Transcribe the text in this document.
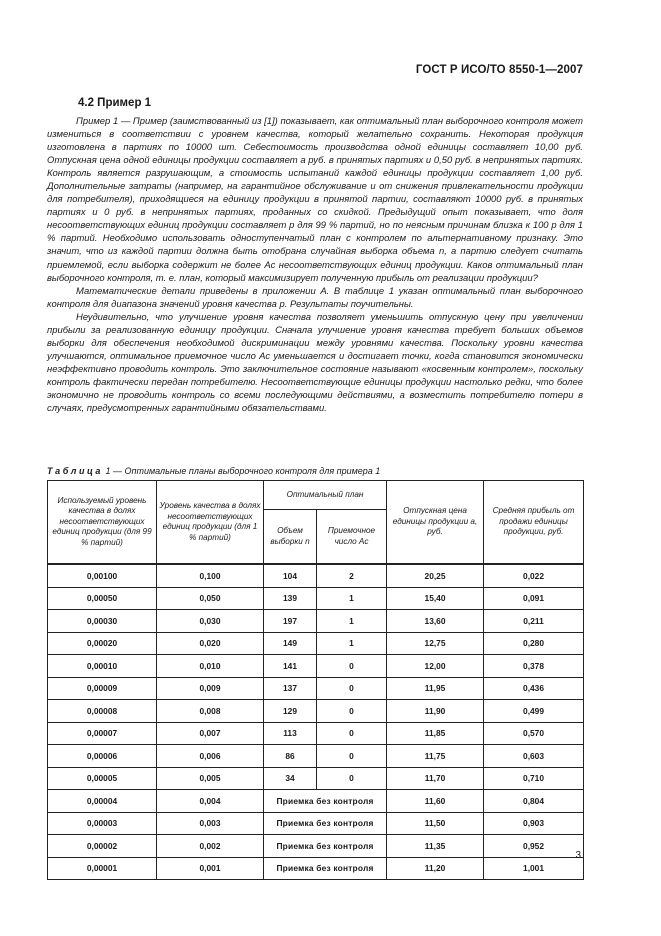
ГОСТ Р ИСО/ТО 8550-1—2007
4.2 Пример 1

Пример 1 — Пример (заимствованный из [1]) показывает, как оптимальный план выборочного контроля может измениться в соответствии с уровнем качества, который желательно сохранить. Некоторая продукция изготовлена в партиях по 10000 шт. Себестоимость производства одной единицы составляет 10,00 руб. Отпускная цена одной единицы продукции составляет a руб. в принятых партиях и 0,50 руб. в непринятых партиях. Контроль является разрушающим, а стоимость испытаний каждой единицы продукции составляет 1,00 руб. Дополнительные затраты (например, на гарантийное обслуживание и от снижения привлекательности продукции для потребителя), приходящиеся на единицу продукции в принятой партии, составляют 10000 руб. в принятых партиях и 0 руб. в непринятых партиях, проданных со скидкой. Предыдущий опыт показывает, что доля несоответствующих единиц продукции составляет p для 99 % партий, но по неясным причинам близка к 100 p для 1 % партий. Необходимо использовать одноступенчатый план с контролем по альтернативному признаку. Это значит, что из каждой партии должна быть отобрана случайная выборка объема n, а партию следует считать приемлемой, если выборка содержит не более Ac несоответствующих единиц продукции. Каков оптимальный план выборочного контроля, т. е. план, который максимизирует полученную прибыль от реализации продукции?

Математические детали приведены в приложении А. В таблице 1 указан оптимальный план выборочного контроля для диапазона значений уровня качества p. Результаты поучительны.

Неудивительно, что улучшение уровня качества позволяет уменьшить отпускную цену при увеличении прибыли за реализованную единицу продукции. Сначала улучшение уровня качества требует больших объемов выборки для обеспечения необходимой дискриминации между уровнями качества. Поскольку уровни качества улучшаются, оптимальное приемочное число Ac уменьшается и достигает точки, когда становится экономически неэффективно проводить контроль. Это заключительное состояние называют «косвенным контролем», поскольку контроль фактически передан потребителю. Несоответствующие единицы продукции настолько редки, что более экономично не проводить контроль со всеми последующими действиями, а возместить потребителю потери в случаях, предусмотренных гарантийными обязательствами.

Таблица 1 — Оптимальные планы выборочного контроля для примера 1
Используемый уровень качества в долях несоответствующих единиц продукции (для 99 % партий)	Уровень качества в долях несоответствующих единиц продукции (для 1 % партий)	Оптимальный план		Отпускная цена единицы продукции a, руб.	Средняя прибыль от продажи единицы продукции, руб.
		Объем выборки n	Приемочное число Ac		
0,00100	0,100	104	2	20,25	0,022
0,00050	0,050	139	1	15,40	0,091
0,00030	0,030	197	1	13,60	0,211
0,00020	0,020	149	1	12,75	0,280
0,00010	0,010	141	0	12,00	0,378
0,00009	0,009	137	0	11,95	0,436
0,00008	0,008	129	0	11,90	0,499
0,00007	0,007	113	0	11,85	0,570
0,00006	0,006	86	0	11,75	0,603
0,00005	0,005	34	0	11,70	0,710
0,00004	0,004	Приемка без контроля		11,60	0,804
0,00003	0,003	Приемка без контроля		11,50	0,903
0,00002	0,002	Приемка без контроля		11,35	0,952
0,00001	0,001	Приемка без контроля		11,20	1,001
3
